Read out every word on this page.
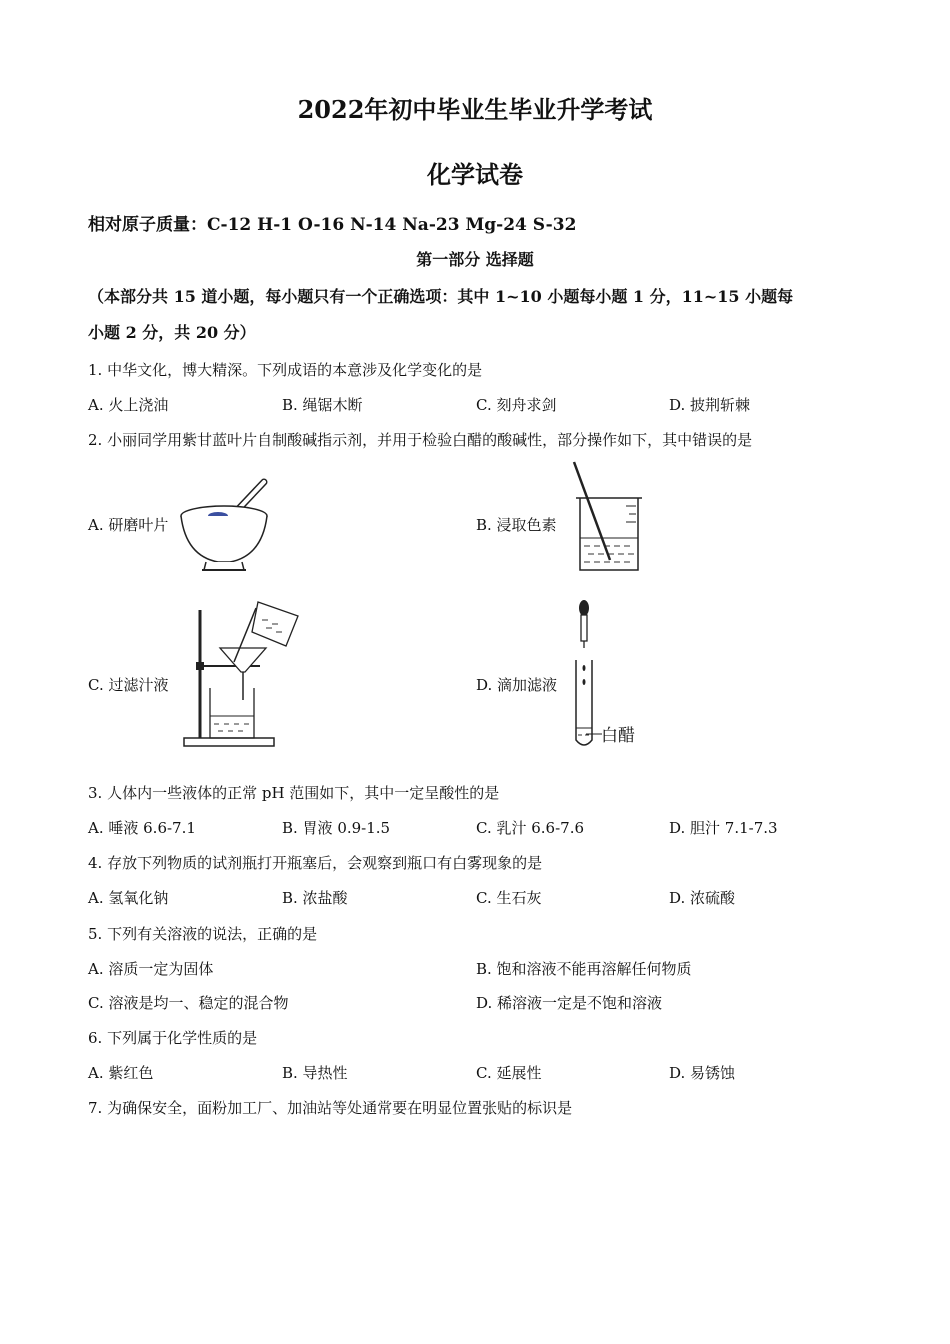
2022年初中毕业生毕业升学考试
化学试卷
相对原子质量：C-12 H-1 O-16 N-14 Na-23 Mg-24 S-32
第一部分 选择题
（本部分共 15 道小题，每小题只有一个正确选项：其中 1~10 小题每小题 1 分，11~15 小题每
小题 2 分，共 20 分）
1. 中华文化，博大精深。下列成语的本意涉及化学变化的是
A. 火上浇油	B. 绳锯木断	C. 刻舟求剑	D. 披荆斩棘
2. 小丽同学用紫甘蓝叶片自制酸碱指示剂，并用于检验白醋的酸碱性，部分操作如下，其中错误的是
A. 研磨叶片	B. 浸取色素
C. 过滤汁液	D. 滴加滤液
白醋
3. 人体内一些液体的正常 pH 范围如下，其中一定呈酸性的是
A. 唾液 6.6-7.1	B. 胃液 0.9-1.5	C. 乳汁 6.6-7.6	D. 胆汁 7.1-7.3
4. 存放下列物质的试剂瓶打开瓶塞后，会观察到瓶口有白雾现象的是
A. 氢氧化钠	B. 浓盐酸	C. 生石灰	D. 浓硫酸
5. 下列有关溶液的说法，正确的是
A. 溶质一定为固体	B. 饱和溶液不能再溶解任何物质
C. 溶液是均一、稳定的混合物	D. 稀溶液一定是不饱和溶液
6. 下列属于化学性质的是
A. 紫红色	B. 导热性	C. 延展性	D. 易锈蚀
7. 为确保安全，面粉加工厂、加油站等处通常要在明显位置张贴的标识是
